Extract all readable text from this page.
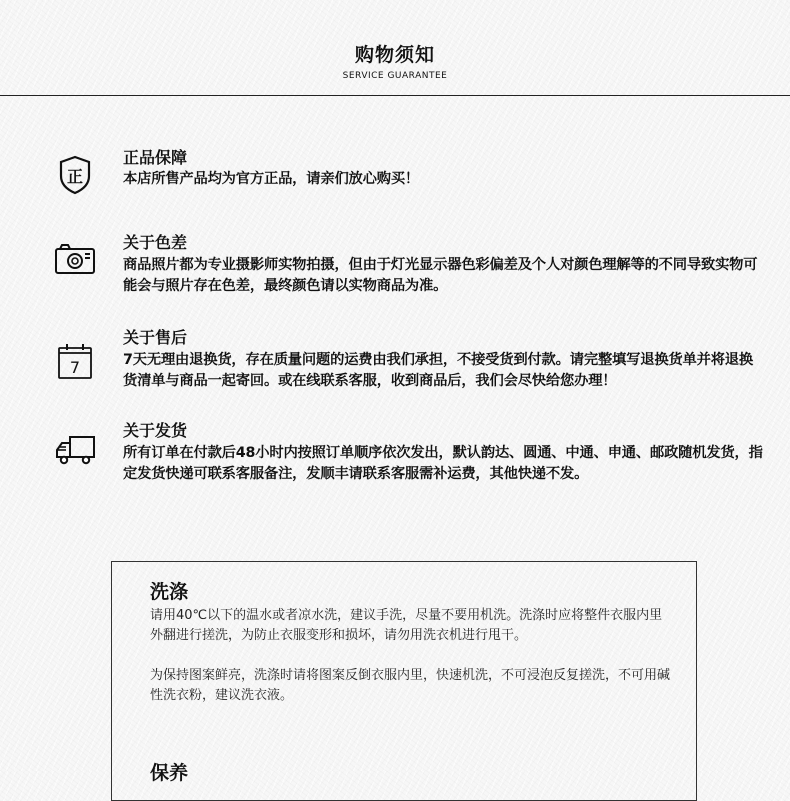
购物须知
SERVICE GUARANTEE
正
正品保障
本店所售产品均为官方正品，请亲们放心购买！
关于色差
商品照片都为专业摄影师实物拍摄，但由于灯光显示器色彩偏差及个人对颜色理解等的不同导致实物可能会与照片存在色差，最终颜色请以实物商品为准。
7
关于售后
7天无理由退换货，存在质量问题的运费由我们承担，不接受货到付款。请完整填写退换货单并将退换货清单与商品一起寄回。或在线联系客服，收到商品后，我们会尽快给您办理！
关于发货
所有订单在付款后48小时内按照订单顺序依次发出，默认韵达、圆通、中通、申通、邮政随机发货，指定发货快递可联系客服备注，发顺丰请联系客服需补运费，其他快递不发。
洗涤
请用40℃以下的温水或者凉水洗，建议手洗，尽量不要用机洗。洗涤时应将整件衣服内里外翻进行搓洗，为防止衣服变形和损坏，请勿用洗衣机进行甩干。
为保持图案鲜亮，洗涤时请将图案反倒衣服内里，快速机洗，不可浸泡反复搓洗，不可用碱性洗衣粉，建议洗衣液。
保养
